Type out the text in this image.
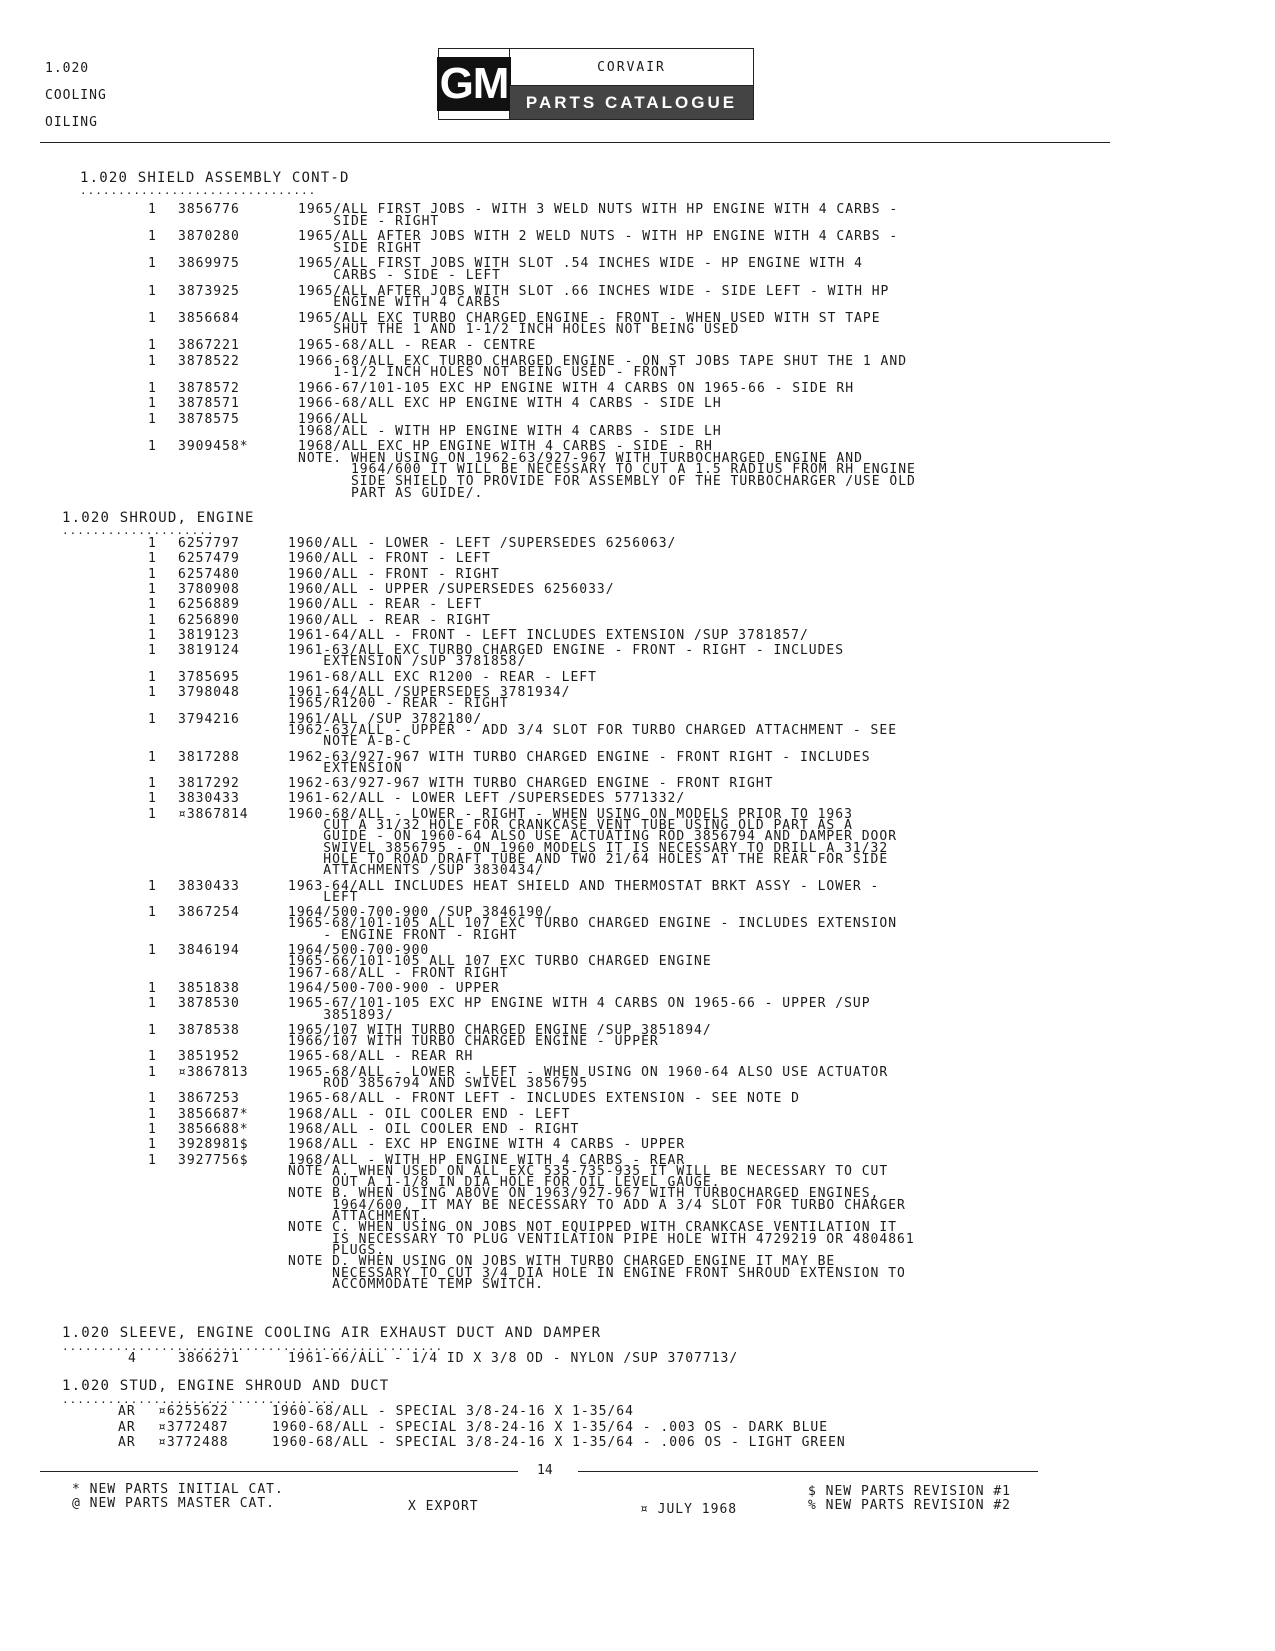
1.020
COOLING
OILING
GM	CORVAIR
PARTS CATALOGUE
1.020 SHIELD ASSEMBLY CONT-D
...............................
1 3856776	1965/ALL FIRST JOBS - WITH 3 WELD NUTS WITH HP ENGINE WITH 4 CARBS -
SIDE - RIGHT
1 3870280	1965/ALL AFTER JOBS WITH 2 WELD NUTS - WITH HP ENGINE WITH 4 CARBS -
SIDE RIGHT
1 3869975	1965/ALL FIRST JOBS WITH SLOT .54 INCHES WIDE - HP ENGINE WITH 4
CARBS - SIDE - LEFT
1 3873925	1965/ALL AFTER JOBS WITH SLOT .66 INCHES WIDE - SIDE LEFT - WITH HP
ENGINE WITH 4 CARBS
1 3856684	1965/ALL EXC TURBO CHARGED ENGINE - FRONT - WHEN USED WITH ST TAPE
SHUT THE 1 AND 1-1/2 INCH HOLES NOT BEING USED
1 3867221	1965-68/ALL - REAR - CENTRE
1 3878522	1966-68/ALL EXC TURBO CHARGED ENGINE - ON ST JOBS TAPE SHUT THE 1 AND
1-1/2 INCH HOLES NOT BEING USED - FRONT
1 3878572	1966-67/101-105 EXC HP ENGINE WITH 4 CARBS ON 1965-66 - SIDE RH
1 3878571	1966-68/ALL EXC HP ENGINE WITH 4 CARBS - SIDE LH
1 3878575	1966/ALL
1968/ALL - WITH HP ENGINE WITH 4 CARBS - SIDE LH
1 3909458*	1968/ALL EXC HP ENGINE WITH 4 CARBS - SIDE - RH
NOTE. WHEN USING ON 1962-63/927-967 WITH TURBOCHARGED ENGINE AND
1964/600 IT WILL BE NECESSARY TO CUT A 1.5 RADIUS FROM RH ENGINE
SIDE SHIELD TO PROVIDE FOR ASSEMBLY OF THE TURBOCHARGER /USE OLD
PART AS GUIDE/.
1.020 SHROUD, ENGINE
....................
1 6257797	1960/ALL - LOWER - LEFT /SUPERSEDES 6256063/
1 6257479	1960/ALL - FRONT - LEFT
1 6257480	1960/ALL - FRONT - RIGHT
1 3780908	1960/ALL - UPPER /SUPERSEDES 6256033/
1 6256889	1960/ALL - REAR - LEFT
1 6256890	1960/ALL - REAR - RIGHT
1 3819123	1961-64/ALL - FRONT - LEFT INCLUDES EXTENSION /SUP 3781857/
1 3819124	1961-63/ALL EXC TURBO CHARGED ENGINE - FRONT - RIGHT - INCLUDES
EXTENSION /SUP 3781858/
1 3785695	1961-68/ALL EXC R1200 - REAR - LEFT
1 3798048	1961-64/ALL /SUPERSEDES 3781934/
1965/R1200 - REAR - RIGHT
1 3794216	1961/ALL /SUP 3782180/
1962-63/ALL - UPPER - ADD 3/4 SLOT FOR TURBO CHARGED ATTACHMENT - SEE
NOTE A-B-C
1 3817288	1962-63/927-967 WITH TURBO CHARGED ENGINE - FRONT RIGHT - INCLUDES
EXTENSION
1 3817292	1962-63/927-967 WITH TURBO CHARGED ENGINE - FRONT RIGHT
1 3830433	1961-62/ALL - LOWER LEFT /SUPERSEDES 5771332/
1 ¤3867814	1960-68/ALL - LOWER - RIGHT - WHEN USING ON MODELS PRIOR TO 1963
CUT A 31/32 HOLE FOR CRANKCASE VENT TUBE USING OLD PART AS A
GUIDE - ON 1960-64 ALSO USE ACTUATING ROD 3856794 AND DAMPER DOOR
SWIVEL 3856795 - ON 1960 MODELS IT IS NECESSARY TO DRILL A 31/32
HOLE TO ROAD DRAFT TUBE AND TWO 21/64 HOLES AT THE REAR FOR SIDE
ATTACHMENTS /SUP 3830434/
1 3830433	1963-64/ALL INCLUDES HEAT SHIELD AND THERMOSTAT BRKT ASSY - LOWER -
LEFT
1 3867254	1964/500-700-900 /SUP 3846190/
1965-68/101-105 ALL 107 EXC TURBO CHARGED ENGINE - INCLUDES EXTENSION
- ENGINE FRONT - RIGHT
1 3846194	1964/500-700-900
1965-66/101-105 ALL 107 EXC TURBO CHARGED ENGINE
1967-68/ALL - FRONT RIGHT
1 3851838	1964/500-700-900 - UPPER
1 3878530	1965-67/101-105 EXC HP ENGINE WITH 4 CARBS ON 1965-66 - UPPER /SUP
3851893/
1 3878538	1965/107 WITH TURBO CHARGED ENGINE /SUP 3851894/
1966/107 WITH TURBO CHARGED ENGINE - UPPER
1 3851952	1965-68/ALL - REAR RH
1 ¤3867813	1965-68/ALL - LOWER - LEFT - WHEN USING ON 1960-64 ALSO USE ACTUATOR
ROD 3856794 AND SWIVEL 3856795
1 3867253	1965-68/ALL - FRONT LEFT - INCLUDES EXTENSION - SEE NOTE D
1 3856687*	1968/ALL - OIL COOLER END - LEFT
1 3856688*	1968/ALL - OIL COOLER END - RIGHT
1 3928981$	1968/ALL - EXC HP ENGINE WITH 4 CARBS - UPPER
1 3927756$	1968/ALL - WITH HP ENGINE WITH 4 CARBS - REAR
NOTE A. WHEN USED ON ALL EXC 535-735-935 IT WILL BE NECESSARY TO CUT
OUT A 1-1/8 IN DIA HOLE FOR OIL LEVEL GAUGE.
NOTE B. WHEN USING ABOVE ON 1963/927-967 WITH TURBOCHARGED ENGINES,
1964/600, IT MAY BE NECESSARY TO ADD A 3/4 SLOT FOR TURBO CHARGER
ATTACHMENT.
NOTE C. WHEN USING ON JOBS NOT EQUIPPED WITH CRANKCASE VENTILATION IT
IS NECESSARY TO PLUG VENTILATION PIPE HOLE WITH 4729219 OR 4804861
PLUGS.
NOTE D. WHEN USING ON JOBS WITH TURBO CHARGED ENGINE IT MAY BE
NECESSARY TO CUT 3/4 DIA HOLE IN ENGINE FRONT SHROUD EXTENSION TO
ACCOMMODATE TEMP SWITCH.
1.020 SLEEVE, ENGINE COOLING AIR EXHAUST DUCT AND DAMPER
..................................................
4	3866271	1961-66/ALL - 1/4 ID X 3/8 OD - NYLON /SUP 3707713/
1.020 STUD, ENGINE SHROUD AND DUCT
....................................
AR ¤6255622	1960-68/ALL - SPECIAL 3/8-24-16 X 1-35/64
AR ¤3772487	1960-68/ALL - SPECIAL 3/8-24-16 X 1-35/64 - .003 OS - DARK BLUE
AR ¤3772488	1960-68/ALL - SPECIAL 3/8-24-16 X 1-35/64 - .006 OS - LIGHT GREEN
14
* NEW PARTS INITIAL CAT.
@ NEW PARTS MASTER CAT.	X EXPORT	¤ JULY 1968
$ NEW PARTS REVISION #1
% NEW PARTS REVISION #2
